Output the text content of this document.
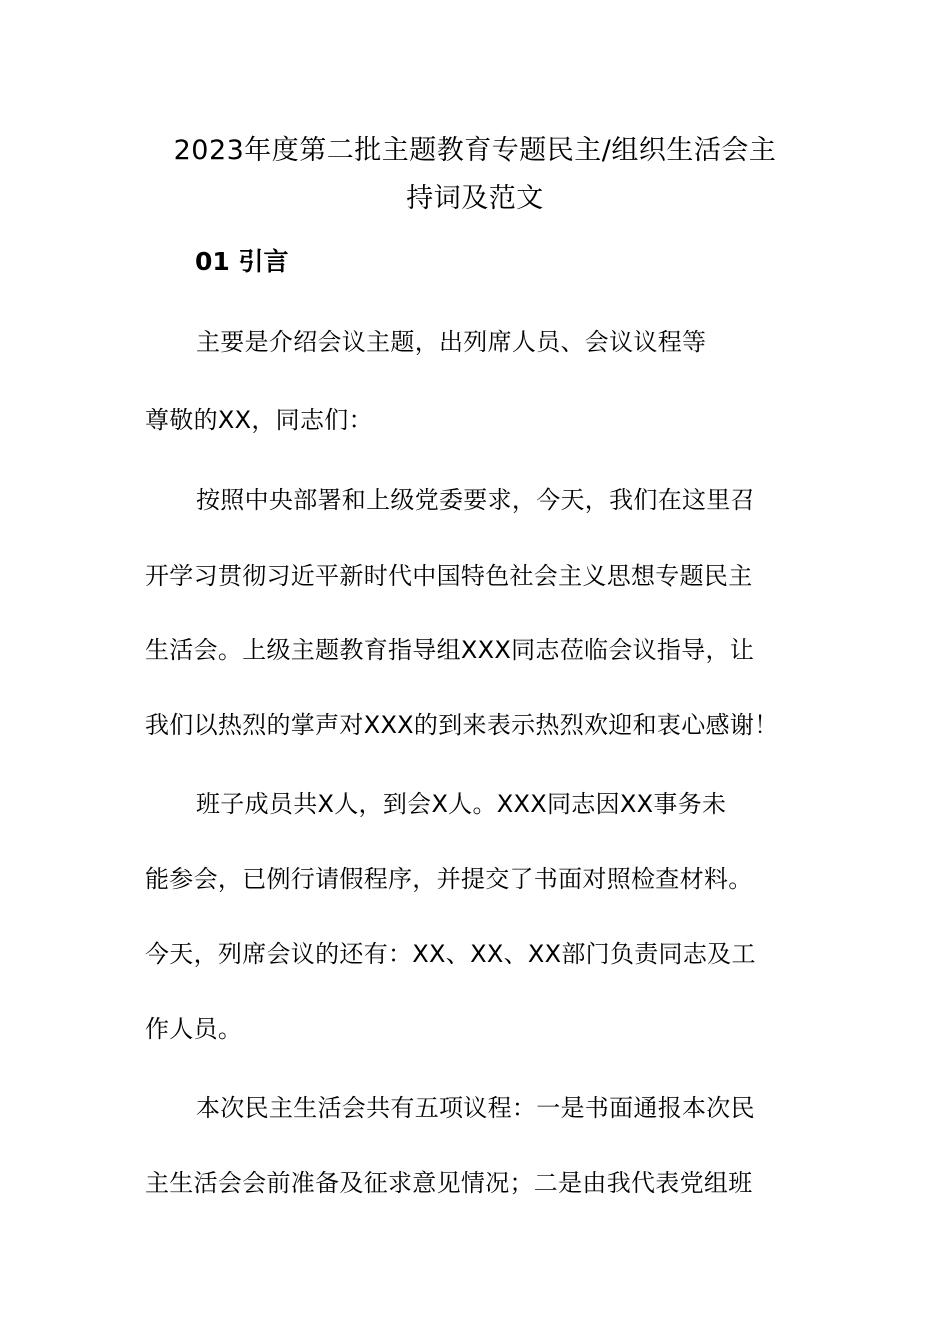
2023年度第二批主题教育专题民主/组织生活会主
持词及范文
01 引言
主要是介绍会议主题，出列席人员、会议议程等
尊敬的XX，同志们：
按照中央部署和上级党委要求，今天，我们在这里召
开学习贯彻习近平新时代中国特色社会主义思想专题民主
生活会。上级主题教育指导组XXX同志莅临会议指导，让
我们以热烈的掌声对XXX的到来表示热烈欢迎和衷心感谢！
班子成员共X人，到会X人。XXX同志因XX事务未
能参会，已例行请假程序，并提交了书面对照检查材料。
今天，列席会议的还有：XX、XX、XX部门负责同志及工
作人员。
本次民主生活会共有五项议程：一是书面通报本次民
主生活会会前准备及征求意见情况；二是由我代表党组班
